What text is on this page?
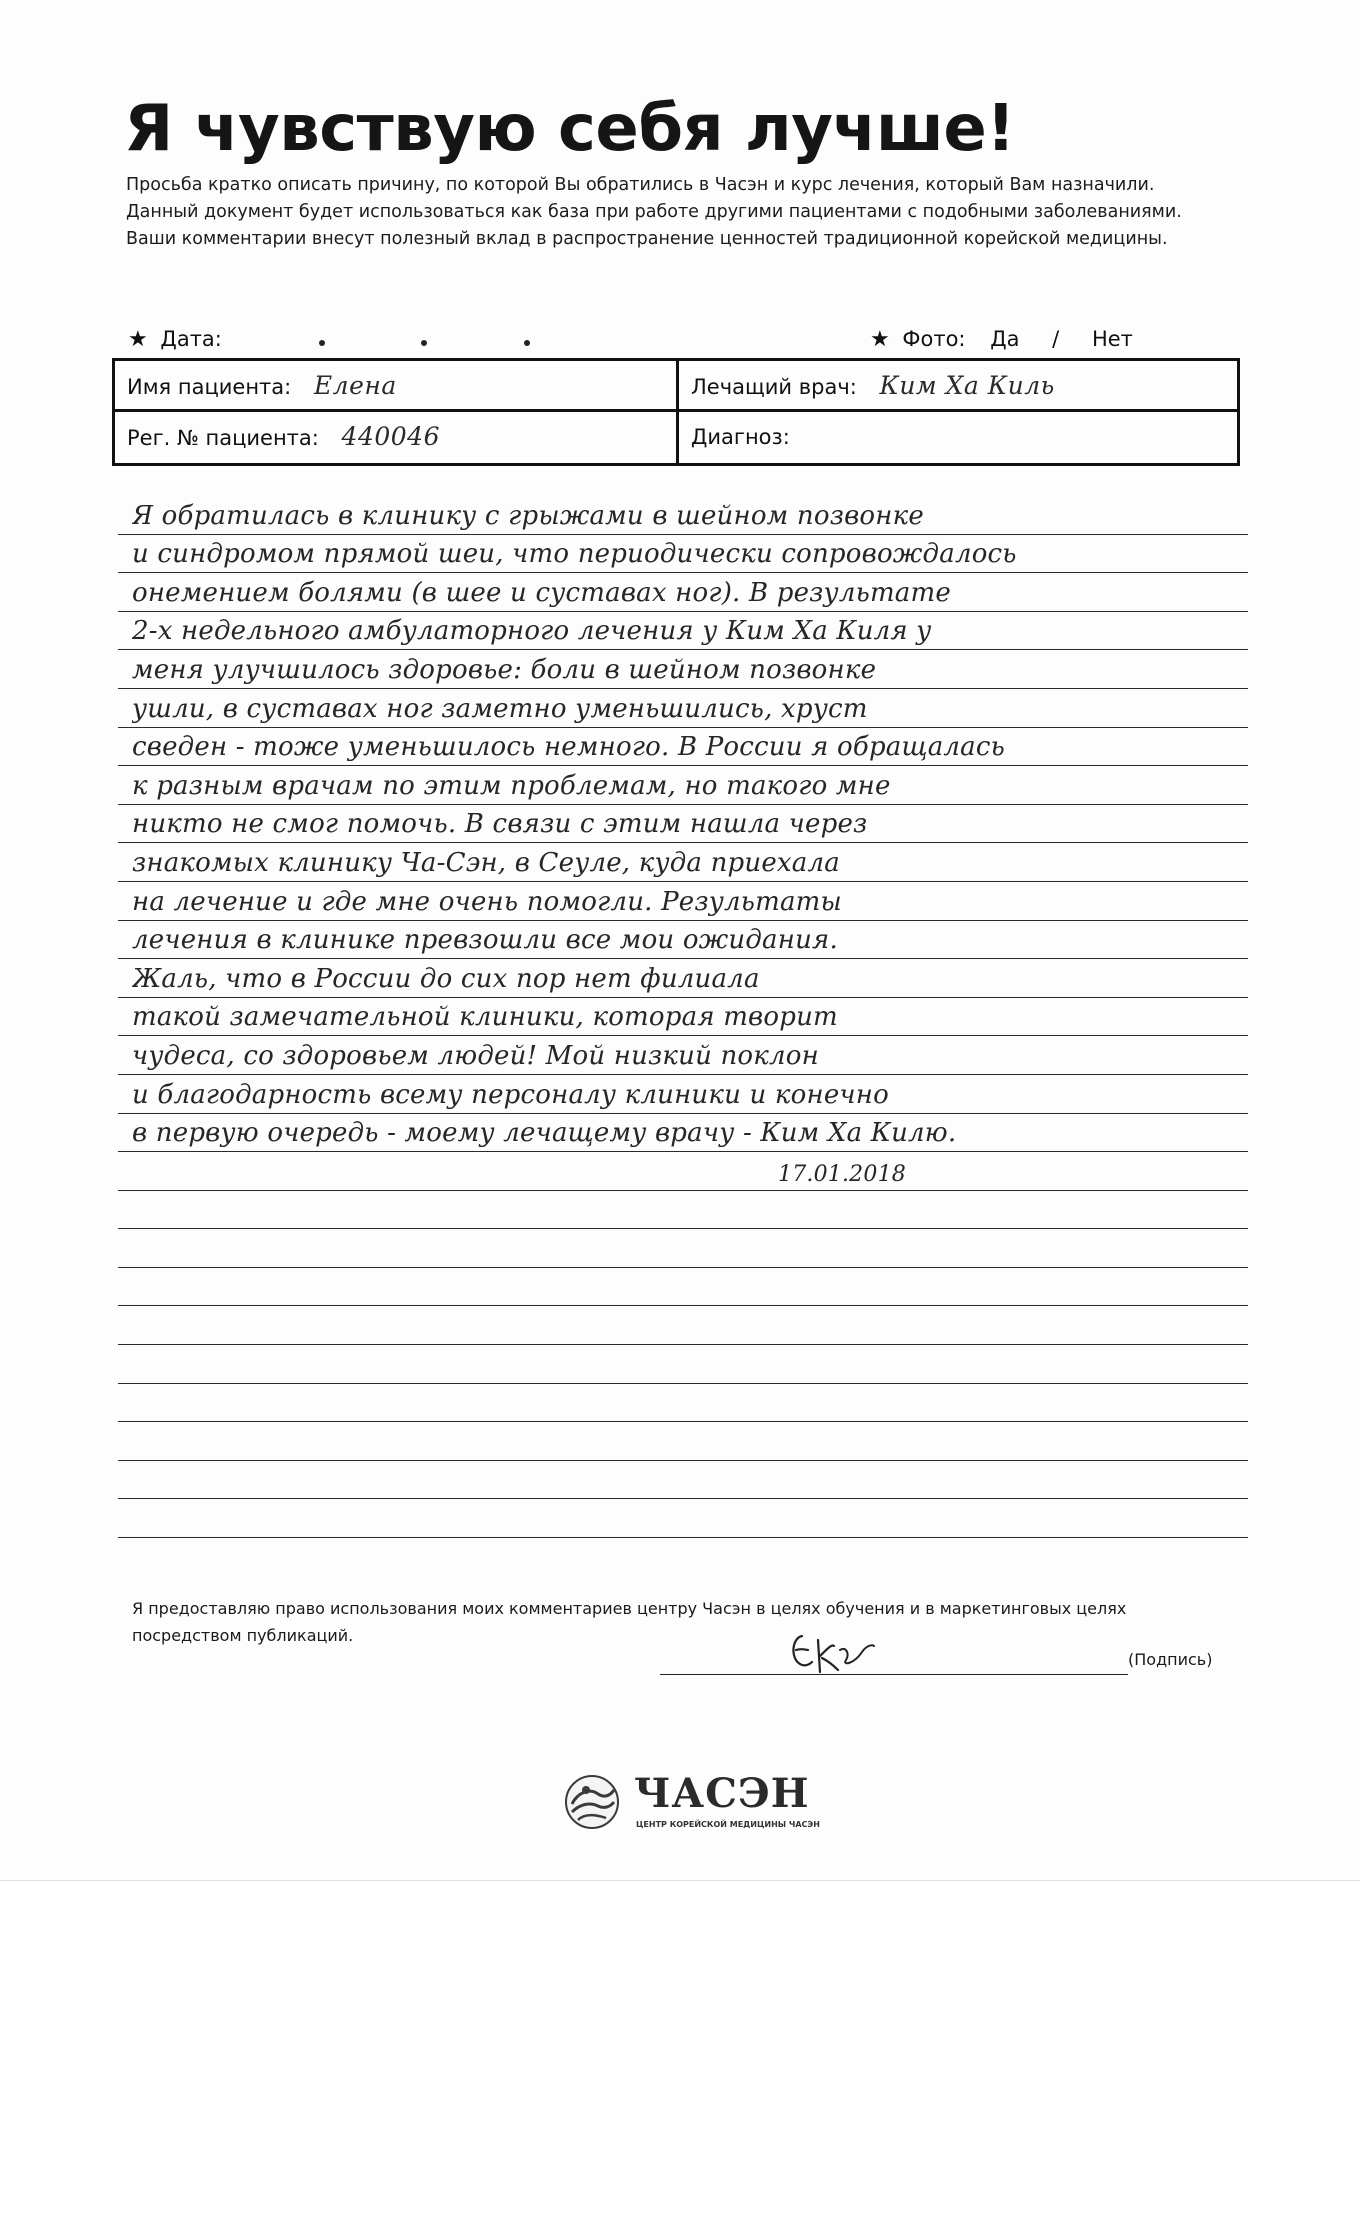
Я чувствую себя лучше!

Просьба кратко описать причину, по которой Вы обратились в Часэн и курс лечения, который Вам назначили.

Данный документ будет использоваться как база при работе другими пациентами с подобными заболеваниями.

Ваши комментарии внесут полезный вклад в распространение ценностей традиционной корейской медицины.

★ Дата:	★ Фото: Да / Нет
Имя пациента: Елена	Лечащий врач: Ким Ха Киль
Рег. № пациента: 440046	Диагноз:
Я обратилась в клинику с грыжами в шейном позвонке
и синдромом прямой шеи, что периодически сопровождалось
онемением болями (в шее и суставах ног). В результате
2-х недельного амбулаторного лечения у Ким Ха Киля у
меня улучшилось здоровье: боли в шейном позвонке
ушли, в суставах ног заметно уменьшились, хруст
сведен - тоже уменьшилось немного. В России я обращалась
к разным врачам по этим проблемам, но такого мне
никто не смог помочь. В связи с этим нашла через
знакомых клинику Ча-Сэн, в Сеуле, куда приехала
на лечение и где мне очень помогли. Результаты
лечения в клинике превзошли все мои ожидания.
Жаль, что в России до сих пор нет филиала
такой замечательной клиники, которая творит
чудеса, со здоровьем людей! Мой низкий поклон
и благодарность всему персоналу клиники и конечно
в первую очередь - моему лечащему врачу - Ким Ха Килю.
17.01.2018

Я предоставляю право использования моих комментариев центру Часэн в целях обучения и в маркетинговых целях

посредством публикаций.

(Подпись)
ЧАСЭН
ЦЕНТР КОРЕЙСКОЙ МЕДИЦИНЫ ЧАСЭН
